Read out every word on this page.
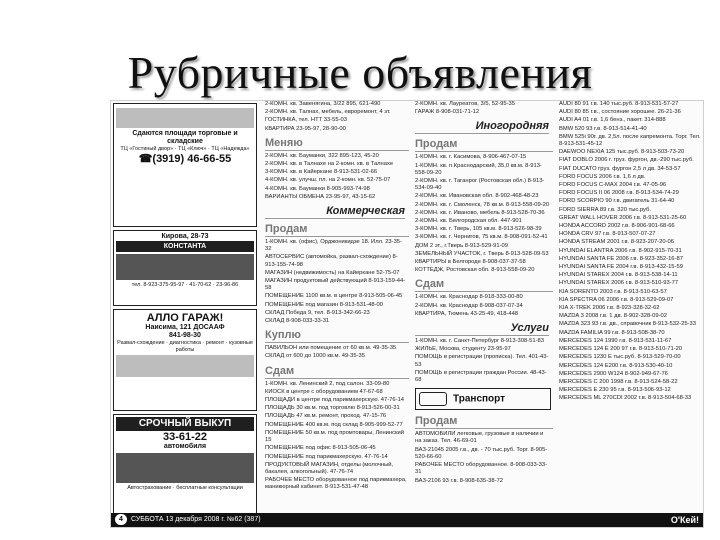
Рубричные объявления
Сдаются площади торговые и складские
ТЦ «Гостиный двор» · ТЦ «Ключ» · ТЦ «Надежда»
☎(3919) 46-66-55
Кирова, 28-73
КОНСТАНТА
тел. 8-923-375-95-97 · 41-70-62 · 23-96-86
АЛЛО ГАРАЖ!
Наисима, 121 ДОСААФ
841-98-30
Развал-схождение · диагностика · ремонт · кузовные работы
СРОЧНЫЙ ВЫКУП
33-61-22
автомобиля
Автострахование · бесплатные консультации
2-КОМН. кв. Завенягина, 3/22 895, 621-490
2-КОМН. кв. Талнах, мебель, евроремонт, 4 эт.
ГОСТИНКА, тел. НТТ 33-55-03
КВАРТИРА 23-95-97, 28-90-00
Меняю
2-КОМН. кв. Бауманки, 322 895-123, 45-20
2-КОМН. кв. в Талнахе на 2-комн. кв. в Талнахе
3-КОМН. кв. в Кайеркане 8-913-531-02-66
4-КОМН. кв. улучш. пл. на 2-комн. кв. 52-75-07
4-КОМН. кв. Бауманки 8-905-993-74-98
ВАРИАНТЫ ОБМЕНА 23-95-97, 43-15-62
Коммерческая
Продам
1-КОМН. кв. (офис), Орджоникидзе 18. Илл. 23-35-32
АВТОСЕРВИС (автомойка, развал-схождение) 8-913-155-74-98
МАГАЗИН (недвижимость) на Кайеркане 52-75-07
МАГАЗИН продуктовый действующий 8-913-159-44-58
ПОМЕЩЕНИЕ 1100 кв.м. в центре 8-913-505-06-45
ПОМЕЩЕНИЕ под магазин 8-913-531-48-00
СКЛАД Победа 9, тел. 8-913-342-66-23
СКЛАД 8-908-033-33-31
Куплю
ПАВИЛЬОН или помещение от 60 кв.м. 49-35-35
СКЛАД от 600 до 1000 кв.м. 49-35-35
Сдам
1-КОМН. кв. Ленинский 2, под салон. 33-09-80
КИОСК в центре с оборудованием 47-67-68
ПЛОЩАДИ в центре под парикмахерскую. 47-76-14
ПЛОЩАДЬ 30 кв.м. под торговлю 8-913-526-00-31
ПЛОЩАДЬ 47 кв.м. ремонт, проход. 47-15-76
ПОМЕЩЕНИЕ 400 кв.м. под склад 8-905-999-52-77
ПОМЕЩЕНИЕ 50 кв.м. под промтовары, Ленинский 15
ПОМЕЩЕНИЕ под офис 8-913-505-06-45
ПОМЕЩЕНИЕ под парикмахерскую. 47-76-14
ПРОДУКТОВЫЙ МАГАЗИН, отделы (молочный, бакалея, алкогольный). 47-76-74
РАБОЧЕЕ МЕСТО оборудованное под парикмахера, маникюрный кабинет. 8-913-531-47-48
2-КОМН. кв. Лауреатов, 3/5, 52-95-35
ГАРАЖ 8-908-031-71-12
Иногородняя
Продам
1-КОМН. кв. г. Касимова, 8-906-467-07-15
1-КОМН. кв. п.Краснодарский, 35,0 кв.м. 8-913-558-09-20
2-КОМН. кв. г. Таганрог (Ростовская обл.) 8-913-534-09-40
2-КОМН. кв. Ивановская обл. 8-902-468-48-23
2-КОМН. кв. г. Смоленск, 78 кв.м. 8-913-558-09-20
2-КОМН. кв. г. Иваново, мебель 8-913-528-70-36
2-КОМН. кв. Белгородская обл. 447-901
3-КОМН. кв. г. Тверь, 105 кв.м. 8-913-526-98-39
3-КОМН. кв. г. Чернигов, 75 кв.м. 8-908-091-52-41
ДОМ 2 эт., г.Тверь 8-913-529-91-09
ЗЕМЕЛЬНЫЙ УЧАСТОК, г. Тверь 8-913-528-09-53
КВАРТИРЫ в Белгороде 8-908-037-37-58
КОТТЕДЖ, Ростовская обл. 8-913-558-09-20
Сдам
1-КОМН. кв. Краснодар 8-918-333-00-80
2-КОМН. кв. Краснодар 8-908-037-07-34
КВАРТИРА, Тюмень 43-25-49, 418-448
Услуги
1-КОМН. кв. г. Санкт-Петербург 8-913-308-51-83
ЖИЛЬЕ, Москва, студенту 23-95-97
ПОМОЩЬ в регистрации (прописка). Тел. 401-43-53
ПОМОЩЬ в регистрации граждан России. 48-43-68
Транспорт
Продам
АВТОМОБИЛИ легковые, грузовые в наличии и на заказ. Тел. 46-69-01
ВАЗ-21045 2005 г.в., дв. - 70 тыс.руб. Торг. 8-905-520-66-60
РАБОЧЕЕ МЕСТО оборудованное. 8-908-033-33-31
ВАЗ-2106 93 г.в. 8-908-635-38-72
AUDI 80 91 г.в. 140 тыс.руб. 8-913-531-57-27
AUDI 80 85 г.в., состояние хорошее. 26-21-36
AUDI A4 01 г.в. 1,6 бенз., пакет. 314-888
BMW 520 93 г.в. 8-913-514-41-40
BMW 525i 90г. дв. 2,5л. после капремонта. Торг. Тел. 8-913-531-45-12
DAEWOO NEXIA 125 тыс.руб. 8-913-503-73-20
FIAT DOBLO 2006 г. груз. фургон, дв.-290 тыс.руб.
FIAT DUCATO груз. фургон 2,5 л дв. 34-53-57
FORD FOCUS 2006 г.в. 1,6 л дв.
FORD FOCUS C-MAX 2004 г.в. 47-05-96
FORD FOCUS II 06 2008 г.в. 8-913-534-74-29
FORD SCORPIO 90 г.в. двигатель 31-64-40
FORD SIERRA 89 г.в. 320 тыс.руб.
GREAT WALL HOVER 2006 г.в. 8-913-531-25-60
HONDA ACCORD 2002 г.в. 8-906-901-68-66
HONDA CRV 97 г.в. 8-913-507-07-27
HONDA STREAM 2001 г.в. 8-923-207-20-06
HYUNDAI ELANTRA 2006 г.в. 8-902-915-70-31
HYUNDAI SANTA FE 2006 г.в. 8-923-352-16-87
HYUNDAI SANTA FE 2004 г.в. 8-913-432-15-59
HYUNDAI STAREX 2004 г.в. 8-913-538-14-11
HYUNDAI STAREX 2006 г.в. 8-913-510-93-77
KIA SORENTO 2003 г.в. 8-913-510-63-57
KIA SPECTRA 06 2006 г.в. 8-913-529-09-07
KIA X-TREK 2006 г.в. 8-923-328-32-62
MAZDA 3 2008 г.в. 1 дв. 8-902-328-09-02
MAZDA 323 93 г.в. дв., справочник 8-913-532-25-33
MAZDA FAMILIA 99 г.в. 8-913-508-38-70
MERCEDES 124 1990 г.в. 8-913-531-11-67
MERCEDES 124 E 200 97 г.в. 8-913-510-71-20
MERCEDES 1230 E тыс.руб. 8-913-529-70-00
MERCEDES 124 E200 г.в. 8-913-530-40-10
MERCEDES 2900 W124 8-902-949-67-76
MERCEDES C 200 1998 г.в. 8-913-524-58-22
MERCEDES E 230 95 г.в. 8-913-506-93-12
MERCEDES ML 270CDI 2002 г.в. 8-913-504-68-33
4 СУББОТА 13 декабря 2008 г. №62 (387)	О'Кей!
